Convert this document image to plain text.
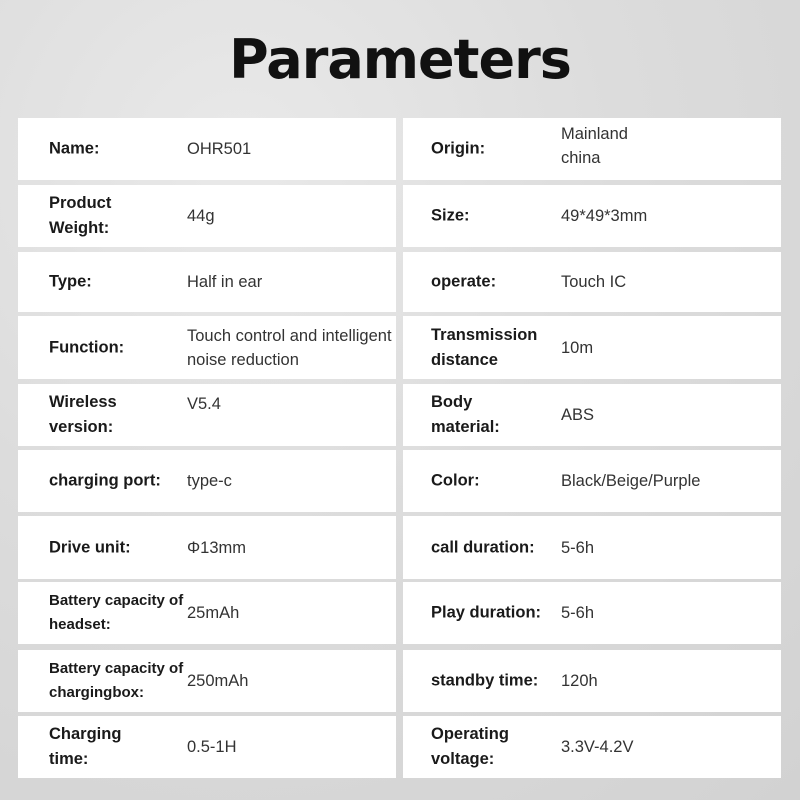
Parameters
Name:	OHR501
Product Weight:
44g
Type:	Half in ear
Function:
Touch control and intelligent noise reduction
Wireless version:
V5.4
charging port:	type-c
Drive unit:	Φ13mm
Battery capacity of headset:
25mAh
Battery capacity of chargingbox:
250mAh
Charging time:
0.5-1H
Origin:
Mainland china
Size:	49*49*3mm
operate:	Touch IC
Transmission distance
10m
Body material:
ABS
Color:	Black/Beige/Purple
call duration:	5-6h
Play duration:	5-6h
standby time:	120h
Operating voltage:
3.3V-4.2V
